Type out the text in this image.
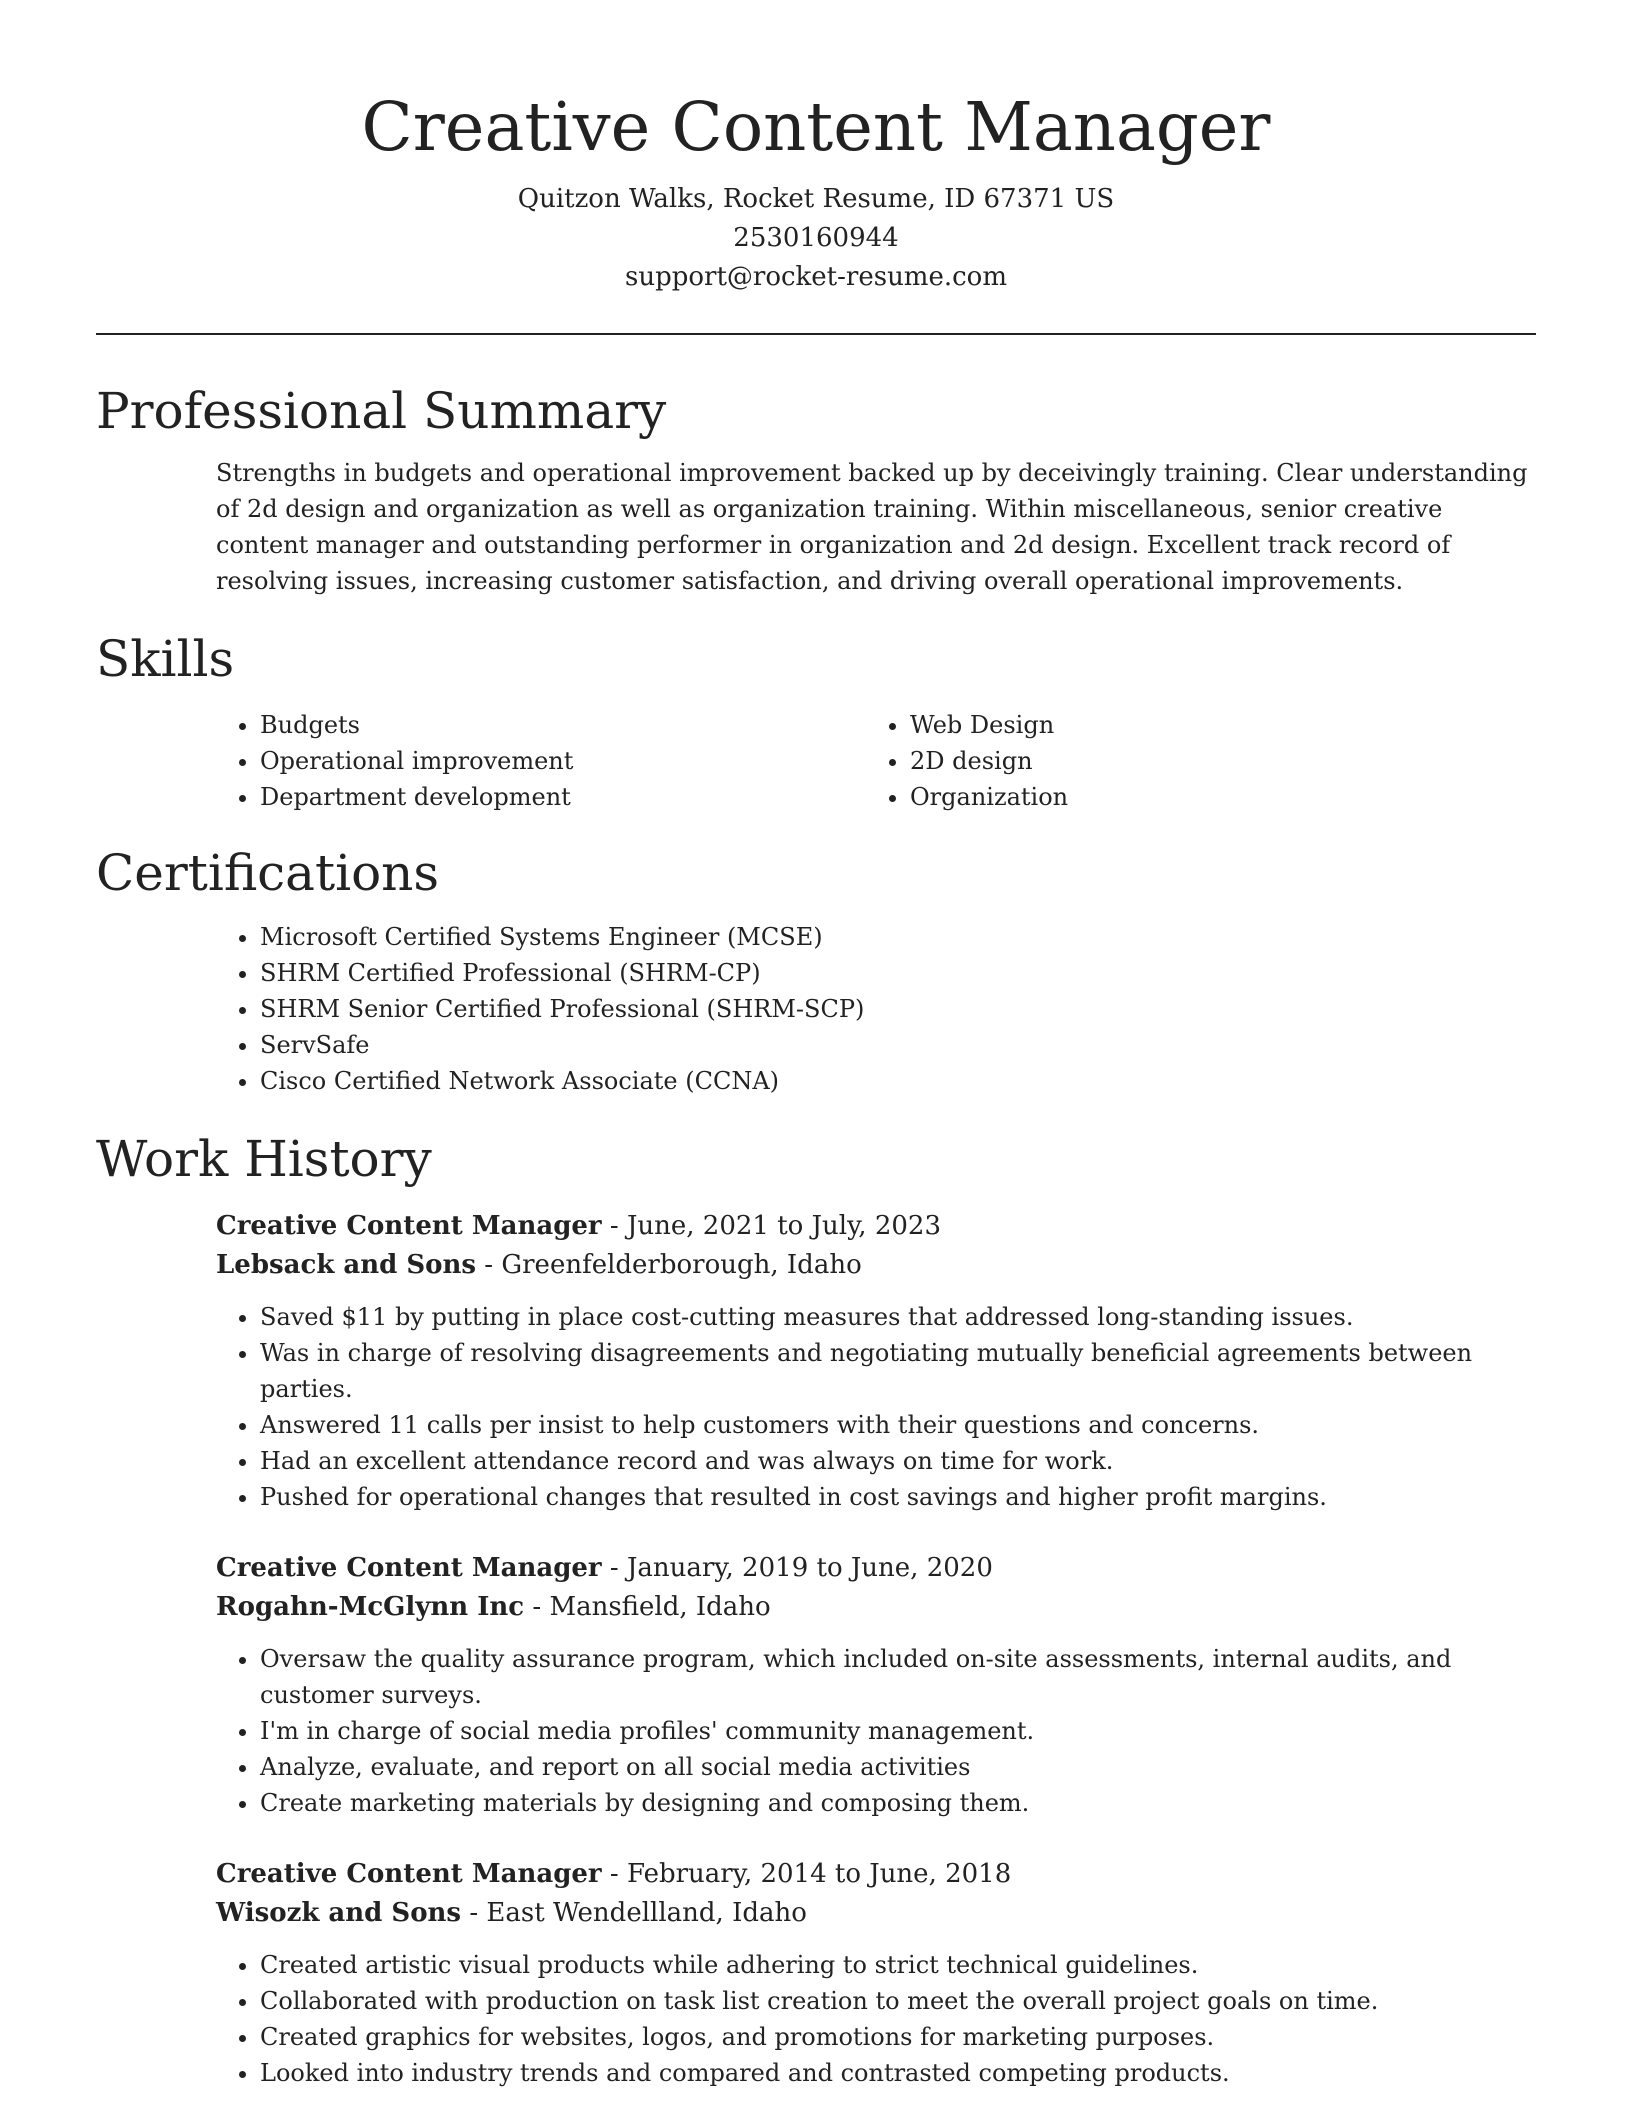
Creative Content Manager
Quitzon Walks, Rocket Resume, ID 67371 US
2530160944
support@rocket-resume.com
Professional Summary
Strengths in budgets and operational improvement backed up by deceivingly training. Clear understanding of 2d design and organization as well as organization training. Within miscellaneous, senior creative content manager and outstanding performer in organization and 2d design. Excellent track record of resolving issues, increasing customer satisfaction, and driving overall operational improvements.
Skills
• Budgets
• Operational improvement
• Department development
• Web Design
• 2D design
• Organization
Certifications
• Microsoft Certified Systems Engineer (MCSE)
• SHRM Certified Professional (SHRM-CP)
• SHRM Senior Certified Professional (SHRM-SCP)
• ServSafe
• Cisco Certified Network Associate (CCNA)
Work History
Creative Content Manager - June, 2021 to July, 2023
Lebsack and Sons - Greenfelderborough, Idaho
• Saved $11 by putting in place cost-cutting measures that addressed long-standing issues.
• Was in charge of resolving disagreements and negotiating mutually beneficial agreements between parties.
• Answered 11 calls per insist to help customers with their questions and concerns.
• Had an excellent attendance record and was always on time for work.
• Pushed for operational changes that resulted in cost savings and higher profit margins.
Creative Content Manager - January, 2019 to June, 2020
Rogahn-McGlynn Inc - Mansfield, Idaho
• Oversaw the quality assurance program, which included on-site assessments, internal audits, and customer surveys.
• I'm in charge of social media profiles' community management.
• Analyze, evaluate, and report on all social media activities
• Create marketing materials by designing and composing them.
Creative Content Manager - February, 2014 to June, 2018
Wisozk and Sons - East Wendellland, Idaho
• Created artistic visual products while adhering to strict technical guidelines.
• Collaborated with production on task list creation to meet the overall project goals on time.
• Created graphics for websites, logos, and promotions for marketing purposes.
• Looked into industry trends and compared and contrasted competing products.
